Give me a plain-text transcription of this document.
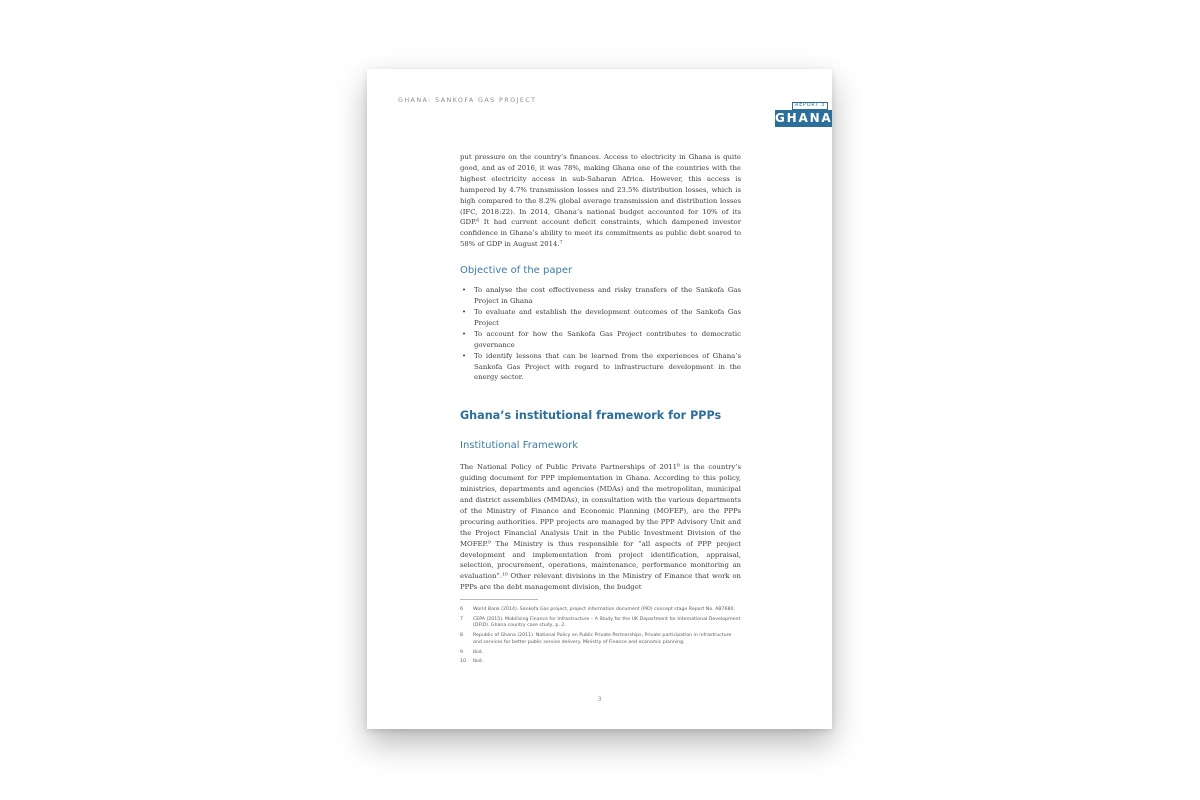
GHANA: SANKOFA GAS PROJECT
REPORT 3
GHANA

put pressure on the country’s finances. Access to electricity in Ghana is quite good, and as of 2016, it was 78%, making Ghana one of the countries with the highest electricity access in sub-Saharan Africa. However, this access is hampered by 4.7% transmission losses and 23.5% distribution losses, which is high compared to the 8.2% global average transmission and distribution losses (IFC, 2018:22). In 2014, Ghana’s national budget accounted for 10% of its GDP.⁶ It had current account deficit constraints, which dampened investor confidence in Ghana’s ability to meet its commitments as public debt soared to 58% of GDP in August 2014.⁷

Objective of the paper
• To analyse the cost effectiveness and risky transfers of the Sankofa Gas Project in Ghana
• To evaluate and establish the development outcomes of the Sankofa Gas Project
• To account for how the Sankofa Gas Project contributes to democratic governance
• To identify lessons that can be learned from the experiences of Ghana’s Sankofa Gas Project with regard to infrastructure development in the energy sector.
Ghana’s institutional framework for PPPs
Institutional Framework

The National Policy of Public Private Partnerships of 2011⁸ is the country’s guiding document for PPP implementation in Ghana. According to this policy, ministries, departments and agencies (MDAs) and the metropolitan, municipal and district assemblies (MMDAs), in consultation with the various departments of the Ministry of Finance and Economic Planning (MOFEP), are the PPPs procuring authorities. PPP projects are managed by the PPP Advisory Unit and the Project Financial Analysis Unit in the Public Investment Division of the MOFEP.⁹ The Ministry is thus responsible for “all aspects of PPP project development and implementation from project identification, appraisal, selection, procurement, operations, maintenance, performance monitoring an evaluation”.¹⁰ Other relevant divisions in the Ministry of Finance that work on PPPs are the debt management division, the budget

6 World Bank (2014). Sankofa Gas project, project information document (PID) concept stage Report No. AB7680.
7 CEPA (2015). Mobilising Finance for Infrastructure – A Study for the UK Department for International Development (DFID). Ghana country case study, p. 2.
8 Republic of Ghana (2011). National Policy on Public Private Partnerships, Private participation in infrastructure and services for better public service delivery. Ministry of Finance and economic planning.
9 Ibid.
10 Ibid.
3
